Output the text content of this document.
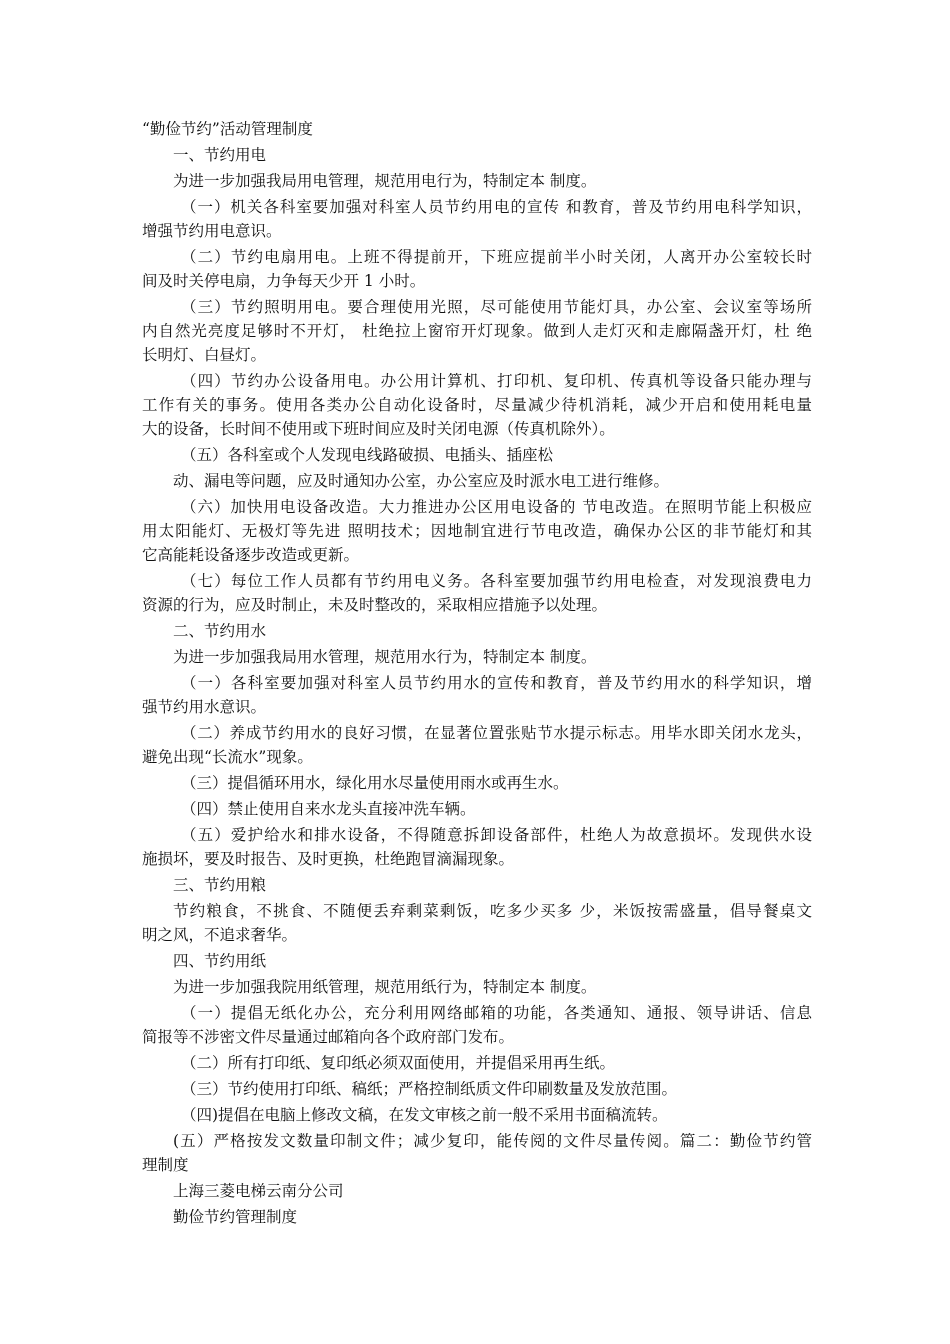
“勤俭节约”活动管理制度
一、节约用电
为进一步加强我局用电管理，规范用电行为，特制定本 制度。
（一）机关各科室要加强对科室人员节约用电的宣传 和教育，普及节约用电科学知识，
增强节约用电意识。
（二）节约电扇用电。上班不得提前开，下班应提前半小时关闭，人离开办公室较长时
间及时关停电扇，力争每天少开 1 小时。
（三）节约照明用电。要合理使用光照，尽可能使用节能灯具，办公室、会议室等场所
内自然光亮度足够时不开灯， 杜绝拉上窗帘开灯现象。做到人走灯灭和走廊隔盏开灯，杜 绝
长明灯、白昼灯。
（四）节约办公设备用电。办公用计算机、打印机、复印机、传真机等设备只能办理与
工作有关的事务。使用各类办公自动化设备时，尽量减少待机消耗，减少开启和使用耗电量
大的设备，长时间不使用或下班时间应及时关闭电源（传真机除外）。
（五）各科室或个人发现电线路破损、电插头、插座松
动、漏电等问题，应及时通知办公室，办公室应及时派水电工进行维修。
（六）加快用电设备改造。大力推进办公区用电设备的 节电改造。在照明节能上积极应
用太阳能灯、无极灯等先进 照明技术；因地制宜进行节电改造，确保办公区的非节能灯和其
它高能耗设备逐步改造或更新。
（七）每位工作人员都有节约用电义务。各科室要加强节约用电检查，对发现浪费电力
资源的行为，应及时制止，未及时整改的，采取相应措施予以处理。
二、节约用水
为进一步加强我局用水管理，规范用水行为，特制定本 制度。
（一）各科室要加强对科室人员节约用水的宣传和教育，普及节约用水的科学知识，增
强节约用水意识。
（二）养成节约用水的良好习惯，在显著位置张贴节水提示标志。用毕水即关闭水龙头，
避免出现“长流水”现象。
（三）提倡循环用水，绿化用水尽量使用雨水或再生水。
（四）禁止使用自来水龙头直接冲洗车辆。
（五）爱护给水和排水设备，不得随意拆卸设备部件，杜绝人为故意损坏。发现供水设
施损坏，要及时报告、及时更换，杜绝跑冒滴漏现象。
三、节约用粮
节约粮食，不挑食、不随便丢弃剩菜剩饭，吃多少买多 少，米饭按需盛量，倡导餐桌文
明之风，不追求奢华。
四、节约用纸
为进一步加强我院用纸管理，规范用纸行为，特制定本 制度。
（一）提倡无纸化办公，充分利用网络邮箱的功能，各类通知、通报、领导讲话、信息
简报等不涉密文件尽量通过邮箱向各个政府部门发布。
（二）所有打印纸、复印纸必须双面使用，并提倡采用再生纸。
（三）节约使用打印纸、稿纸；严格控制纸质文件印刷数量及发放范围。
（四)提倡在电脑上修改文稿，在发文审核之前一般不采用书面稿流转。
(五）严格按发文数量印制文件；减少复印，能传阅的文件尽量传阅。篇二：勤俭节约管
理制度
上海三菱电梯云南分公司
勤俭节约管理制度
